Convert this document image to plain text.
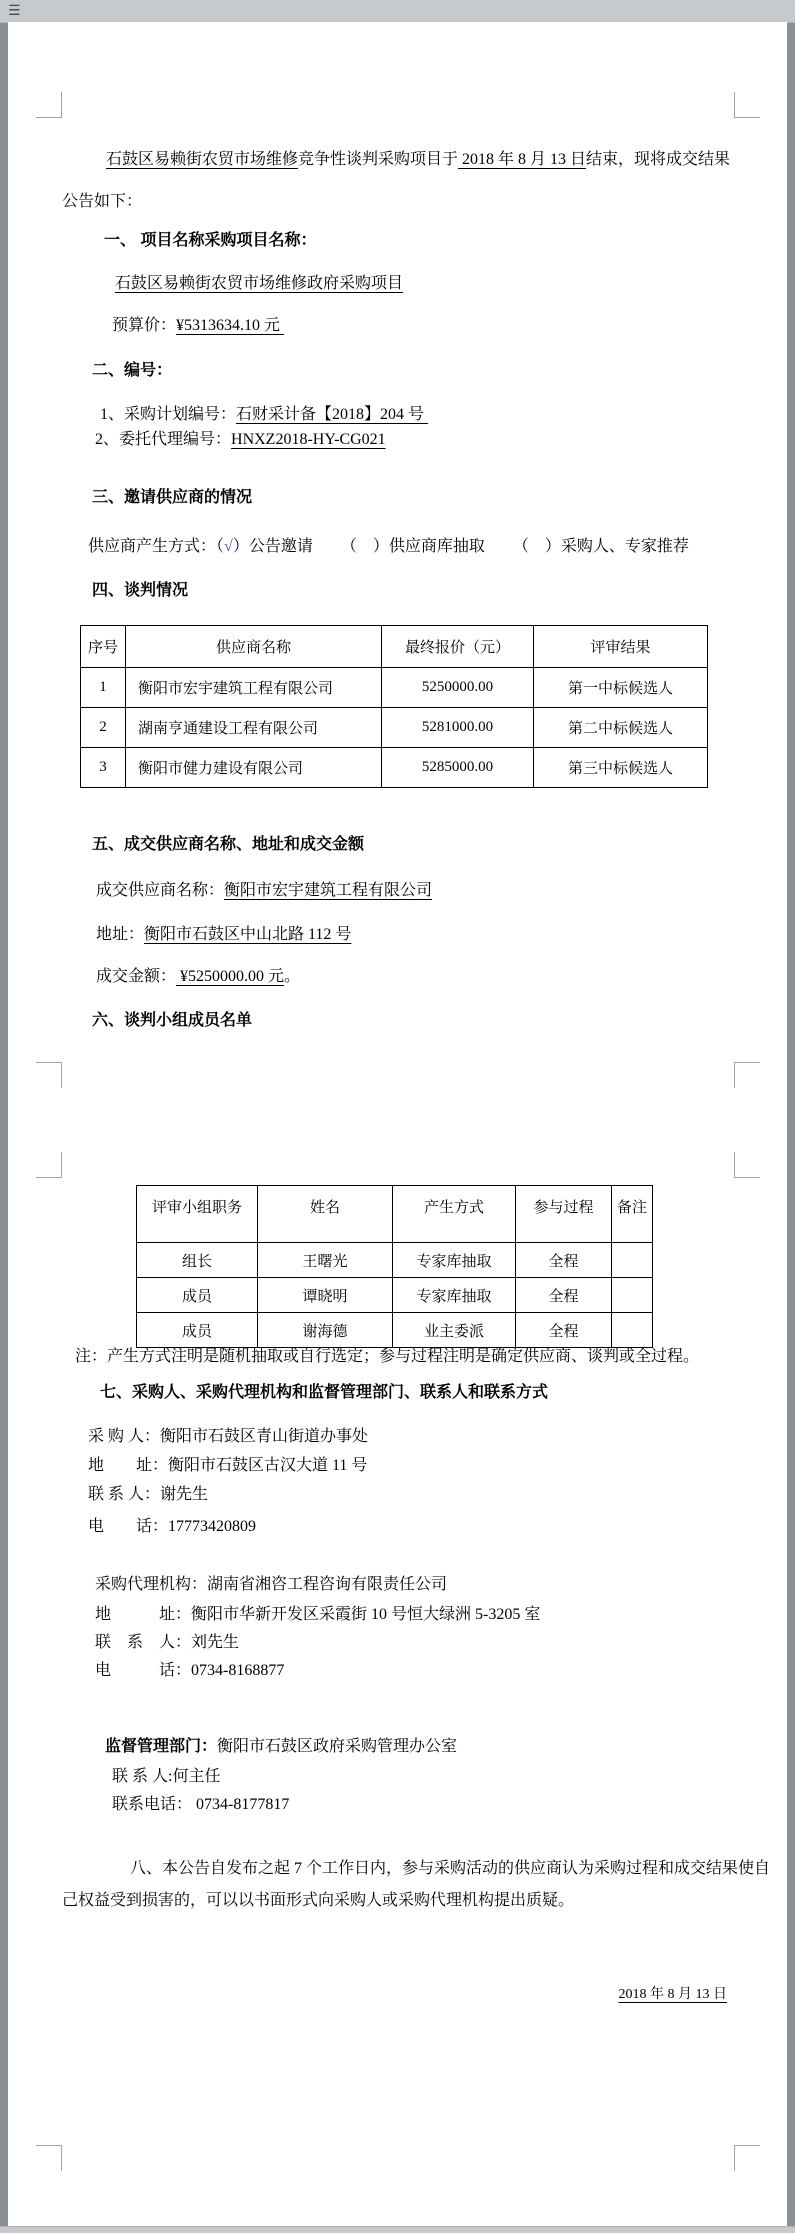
☰
石鼓区易赖街农贸市场维修竞争性谈判采购项目于 2018 年 8 月 13 日结束，现将成交结果
公告如下：
一、 项目名称采购项目名称：
石鼓区易赖街农贸市场维修政府采购项目
预算价：¥5313634.10 元
二、编号：
1、采购计划编号：石财采计备【2018】204 号
2、委托代理编号：HNXZ2018-HY-CG021
三、邀请供应商的情况
供应商产生方式：（√）公告邀请 （　）供应商库抽取 （　）采购人、专家推荐
四、谈判情况
序号	供应商名称	最终报价（元）	评审结果
1	衡阳市宏宇建筑工程有限公司	5250000.00	第一中标候选人
2	湖南亨通建设工程有限公司	5281000.00	第二中标候选人
3	衡阳市健力建设有限公司	5285000.00	第三中标候选人
五、成交供应商名称、地址和成交金额
成交供应商名称：衡阳市宏宇建筑工程有限公司
地址：衡阳市石鼓区中山北路 112 号
成交金额： ¥5250000.00 元。
六、谈判小组成员名单
评审小组职务	姓名	产生方式	参与过程	备注
组长	王曙光	专家库抽取	全程	
成员	谭晓明	专家库抽取	全程	
成员	谢海德	业主委派	全程	
注：产生方式注明是随机抽取或自行选定；参与过程注明是确定供应商、谈判或全过程。
七、采购人、采购代理机构和监督管理部门、联系人和联系方式
采 购 人：衡阳市石鼓区青山街道办事处
地　　址：衡阳市石鼓区古汉大道 11 号
联 系 人：谢先生
电　　话：17773420809
采购代理机构：湖南省湘咨工程咨询有限责任公司
地　　　址：衡阳市华新开发区采霞街 10 号恒大绿洲 5-3205 室
联　系　人：刘先生
电　　　话：0734-8168877
监督管理部门：衡阳市石鼓区政府采购管理办公室
联 系 人:何主任
联系电话： 0734-8177817
八、本公告自发布之起 7 个工作日内，参与采购活动的供应商认为采购过程和成交结果使自
己权益受到损害的，可以以书面形式向采购人或采购代理机构提出质疑。
2018 年 8 月 13 日
